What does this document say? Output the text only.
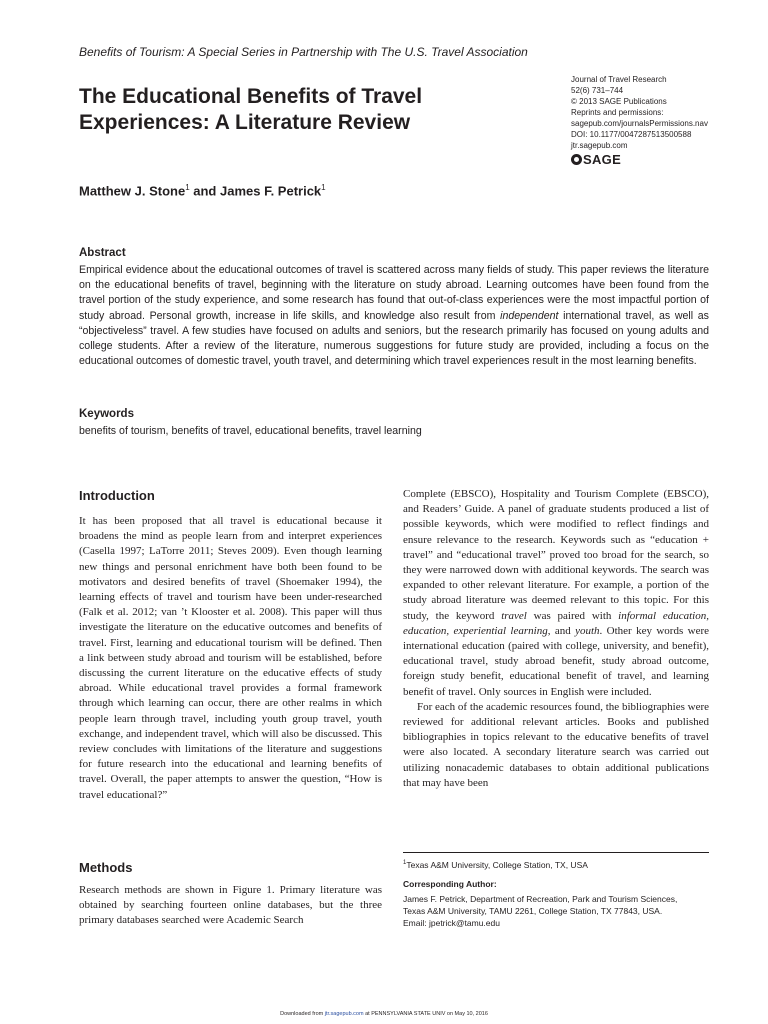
Benefits of Tourism: A Special Series in Partnership with The U.S. Travel Association
The Educational Benefits of Travel
Experiences: A Literature Review
Journal of Travel Research
52(6) 731–744
© 2013 SAGE Publications
Reprints and permissions:
sagepub.com/journalsPermissions.nav
DOI: 10.1177/0047287513500588
jtr.sagepub.com
SAGE
Matthew J. Stone$^1$ and James F. Petrick$^1$
Abstract

Empirical evidence about the educational outcomes of travel is scattered across many fields of study. This paper reviews the literature on the educational benefits of travel, beginning with the literature on study abroad. Learning outcomes have been found from the travel portion of the study experience, and some research has found that out-of-class experiences were the most impactful portion of study abroad. Personal growth, increase in life skills, and knowledge also result from independent international travel, as well as “objectiveless” travel. A few studies have focused on adults and seniors, but the research primarily has focused on young adults and college students. After a review of the literature, numerous suggestions for future study are provided, including a focus on the educational outcomes of domestic travel, youth travel, and determining which travel experiences result in the most learning benefits.

Keywords
benefits of tourism, benefits of travel, educational benefits, travel learning
Introduction

It has been proposed that all travel is educational because it broadens the mind as people learn from and interpret experiences (Casella 1997; LaTorre 2011; Steves 2009). Even though learning new things and personal enrichment have both been found to be motivators and desired benefits of travel (Shoemaker 1994), the learning effects of travel and tourism have been under-researched (Falk et al. 2012; van ’t Klooster et al. 2008). This paper will thus investigate the literature on the educative outcomes and benefits of travel. First, learning and educational tourism will be defined. Then a link between study abroad and tourism will be established, before discussing the current literature on the educative effects of study abroad. While educational travel provides a formal framework through which learning can occur, there are other realms in which people learn through travel, including youth group travel, youth exchange, and independent travel, which will also be discussed. This review concludes with limitations of the literature and suggestions for future research into the educational and learning benefits of travel. Overall, the paper attempts to answer the question, “How is travel educational?”

Methods

Research methods are shown in Figure 1. Primary literature was obtained by searching fourteen online databases, but the three primary databases searched were Academic Search

Complete (EBSCO), Hospitality and Tourism Complete (EBSCO), and Readers’ Guide. A panel of graduate students produced a list of possible keywords, which were modified to reflect findings and ensure relevance to the research. Keywords such as “education + travel” and “educational travel” proved too broad for the search, so they were narrowed down with additional keywords. The search was expanded to other relevant literature. For example, a portion of the study abroad literature was deemed relevant to this topic. For this study, the keyword travel was paired with informal education, education, experiential learning, and youth. Other key words were international education (paired with college, university, and benefit), educational travel, study abroad benefit, study abroad outcome, foreign study benefit, educational benefit of travel, and learning benefit of travel. Only sources in English were included.

For each of the academic resources found, the bibliographies were reviewed for additional relevant articles. Books and published bibliographies in topics relevant to the educative benefits of travel were also located. A secondary literature search was carried out utilizing nonacademic databases to obtain additional publications that may have been

$^1$Texas A&M University, College Station, TX, USA
Corresponding Author:
James F. Petrick, Department of Recreation, Park and Tourism Sciences,
Texas A&M University, TAMU 2261, College Station, TX 77843, USA.
Email: jpetrick@tamu.edu
Downloaded from jtr.sagepub.com at PENNSYLVANIA STATE UNIV on May 10, 2016
